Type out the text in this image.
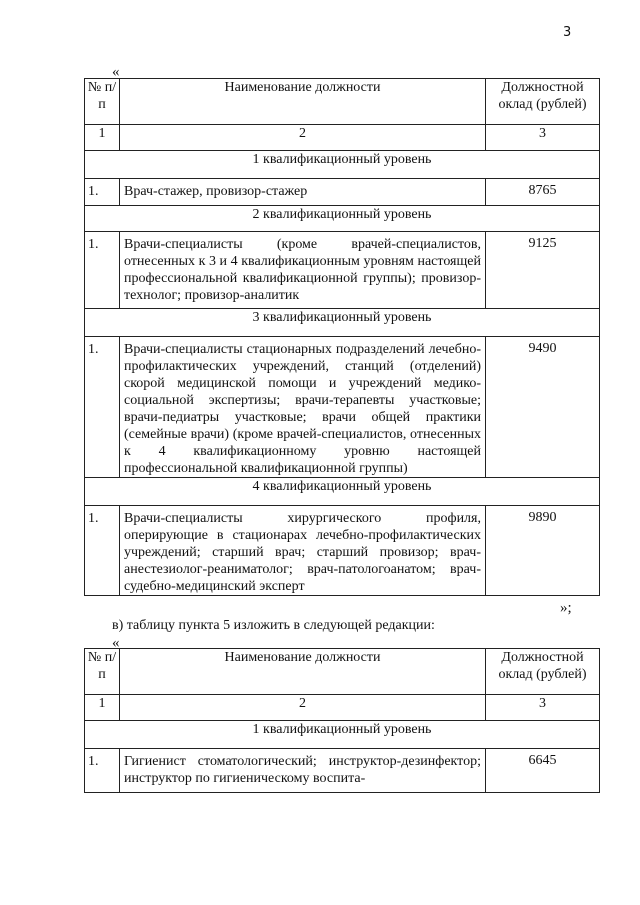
3
«
№ п/п	Наименование должности	Должностной оклад (рублей)
1	2	3
1 квалификационный уровень		
1.	Врач-стажер, провизор-стажер	8765
2 квалификационный уровень		
1.	Врачи-специалисты (кроме врачей-специалистов, отнесенных к 3 и 4 квалификационным уровням настоящей профессиональной квалификационной группы); провизор-технолог; провизор-аналитик	9125
3 квалификационный уровень		
1.	Врачи-специалисты стационарных подразделений лечебно-профилактических учреждений, станций (отделений) скорой медицинской помощи и учреждений медико-социальной экспертизы; врачи-терапевты участковые; врачи-педиатры участковые; врачи общей практики (семейные врачи) (кроме врачей-специалистов, отнесенных к 4 квалификационному уровню настоящей профессиональной квалификационной группы)	9490
4 квалификационный уровень		
1.	Врачи-специалисты хирургического профиля, оперирующие в стационарах лечебно-профилактических учреждений; старший врач; старший провизор; врач-анестезиолог-реаниматолог; врач-патологоанатом; врач-судебно-медицинский эксперт	9890
»;
в) таблицу пункта 5 изложить в следующей редакции:
«
№ п/п	Наименование должности	Должностной оклад (рублей)
1	2	3
1 квалификационный уровень		
1.	Гигиенист стоматологический; инструктор-дезинфектор; инструктор по гигиеническому воспита-	6645
